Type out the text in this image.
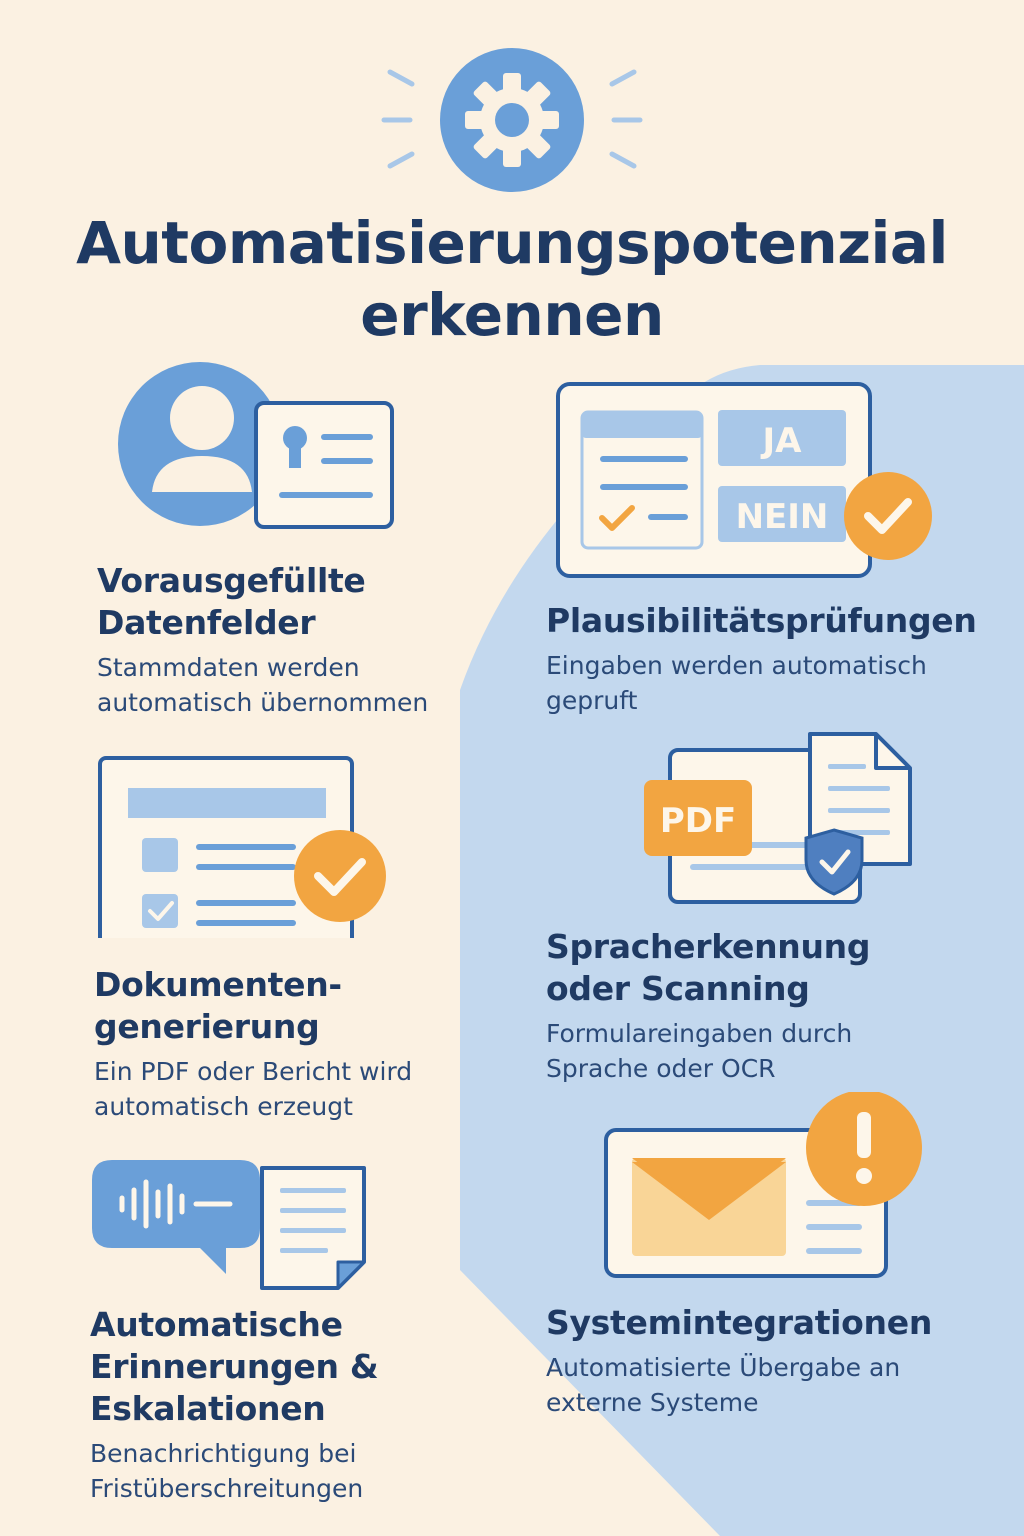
Automatisierungspotenzial
erkennen
JA
NEIN
PDF
Vorausgefüllte
Datenfelder

Stammdaten werden
automatisch übernommen

Plausibilitätsprüfungen

Eingaben werden automatisch
gepruft

Dokumenten-
generierung

Ein PDF oder Bericht wird
automatisch erzeugt

Spracherkennung
oder Scanning

Formulareingaben durch
Sprache oder OCR

Automatische
Erinnerungen &
Eskalationen

Benachrichtigung bei
Fristüberschreitungen

Systemintegrationen

Automatisierte Übergabe an
externe Systeme
